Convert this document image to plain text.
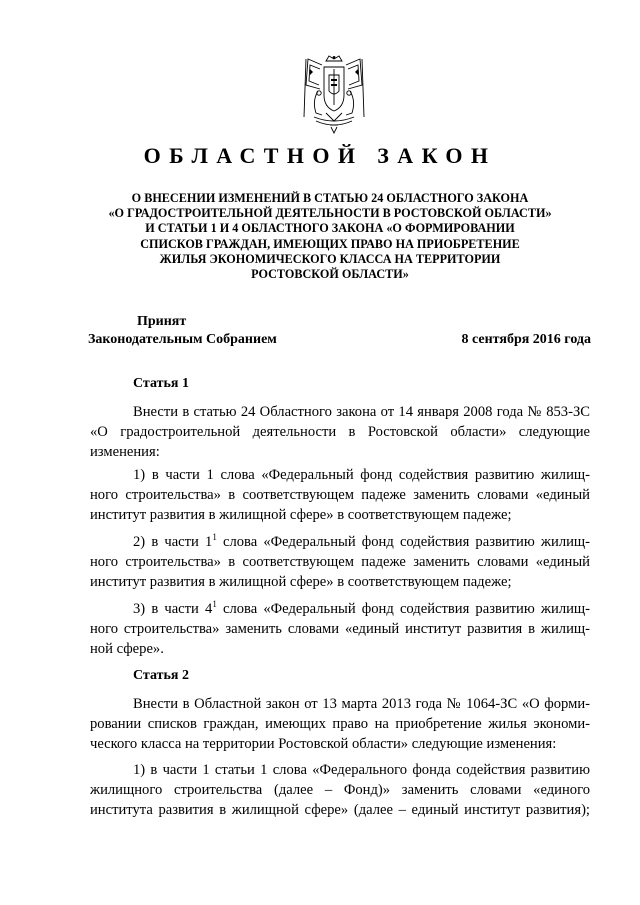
ОБЛАСТНОЙ ЗАКОН
О ВНЕСЕНИИ ИЗМЕНЕНИЙ В СТАТЬЮ 24 ОБЛАСТНОГО ЗАКОНА
«О ГРАДОСТРОИТЕЛЬНОЙ ДЕЯТЕЛЬНОСТИ В РОСТОВСКОЙ ОБЛАСТИ»
И СТАТЬИ 1 И 4 ОБЛАСТНОГО ЗАКОНА «О ФОРМИРОВАНИИ
СПИСКОВ ГРАЖДАН, ИМЕЮЩИХ ПРАВО НА ПРИОБРЕТЕНИЕ
ЖИЛЬЯ ЭКОНОМИЧЕСКОГО КЛАССА НА ТЕРРИТОРИИ
РОСТОВСКОЙ ОБЛАСТИ»
Принят
Законодательным Собранием	8 сентября 2016 года
Статья 1
Внести в статью 24 Областного закона от 14 января 2008 года № 853-ЗС
«О градостроительной деятельности в Ростовской области» следующие
изменения:
1) в части 1 слова «Федеральный фонд содействия развитию жилищ-
ного строительства» в соответствующем падеже заменить словами «единый
институт развития в жилищной сфере» в соответствующем падеже;
2) в части $1^1$ слова «Федеральный фонд содействия развитию жилищ-
ного строительства» в соответствующем падеже заменить словами «единый
институт развития в жилищной сфере» в соответствующем падеже;
3) в части $4^1$ слова «Федеральный фонд содействия развитию жилищ-
ного строительства» заменить словами «единый институт развития в жилищ-
ной сфере».
Статья 2
Внести в Областной закон от 13 марта 2013 года № 1064-ЗС «О форми-
ровании списков граждан, имеющих право на приобретение жилья экономи-
ческого класса на территории Ростовской области» следующие изменения:
1) в части 1 статьи 1 слова «Федерального фонда содействия развитию
жилищного строительства (далее – Фонд)» заменить словами «единого
института развития в жилищной сфере» (далее – единый институт развития);
